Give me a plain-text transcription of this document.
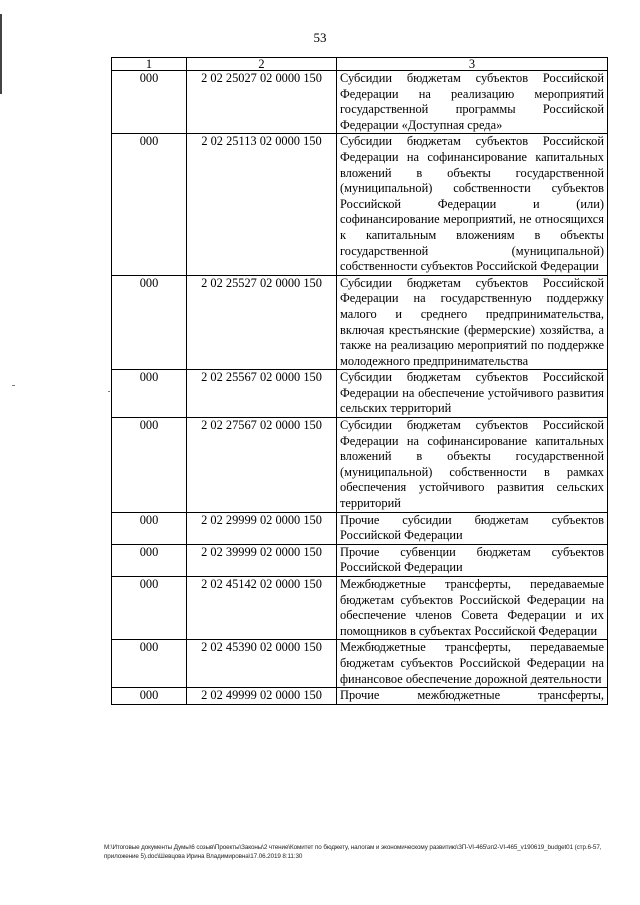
53
1	2	3
000	2 02 25027 02 0000 150	Субсидии бюджетам субъектов Российской Федерации на реализацию мероприятий государственной программы Российской Федерации «Доступная среда»
000	2 02 25113 02 0000 150	Субсидии бюджетам субъектов Российской Федерации на софинансирование капитальных вложений в объекты государственной (муниципальной) собственности субъектов Российской Федерации и (или) софинансирование мероприятий, не относящихся к капитальным вложениям в объекты государственной (муниципальной) собственности субъектов Российской Федерации
000	2 02 25527 02 0000 150	Субсидии бюджетам субъектов Российской Федерации на государственную поддержку малого и среднего предпринимательства, включая крестьянские (фермерские) хозяйства, а также на реализацию мероприятий по поддержке молодежного предпринимательства
000	2 02 25567 02 0000 150	Субсидии бюджетам субъектов Российской Федерации на обеспечение устойчивого развития сельских территорий
000	2 02 27567 02 0000 150	Субсидии бюджетам субъектов Российской Федерации на софинансирование капитальных вложений в объекты государственной (муниципальной) собственности в рамках обеспечения устойчивого развития сельских территорий
000	2 02 29999 02 0000 150	Прочие субсидии бюджетам субъектов Российской Федерации
000	2 02 39999 02 0000 150	Прочие субвенции бюджетам субъектов Российской Федерации
000	2 02 45142 02 0000 150	Межбюджетные трансферты, передаваемые бюджетам субъектов Российской Федерации на обеспечение членов Совета Федерации и их помощников в субъектах Российской Федерации
000	2 02 45390 02 0000 150	Межбюджетные трансферты, передаваемые бюджетам субъектов Российской Федерации на финансовое обеспечение дорожной деятельности
000	2 02 49999 02 0000 150	Прочие межбюджетные трансферты,
M:\Итоговые документы Думы\6 созыв\Проекты\Законы\2 чтение\Комитет по бюджету, налогам и экономическому развитию\ЗП-VI-465\зп2-VI-465_v190619_budget01 (стр.6-57, приложение 5).doc\Шевцова Ирина Владимировна\17.06.2019 8:11:30
